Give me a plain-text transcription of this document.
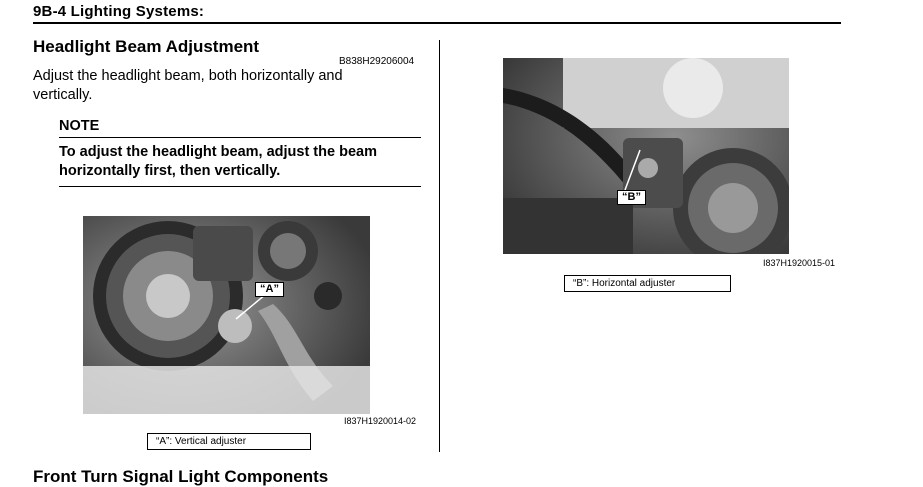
9B-4 Lighting Systems:
Headlight Beam Adjustment
B838H29206004
Adjust the headlight beam, both horizontally and vertically.
NOTE
To adjust the headlight beam, adjust the beam horizontally first, then vertically.
“A”
I837H1920014-02
“A”: Vertical adjuster
“B”
I837H1920015-01
“B”: Horizontal adjuster
Front Turn Signal Light Components
